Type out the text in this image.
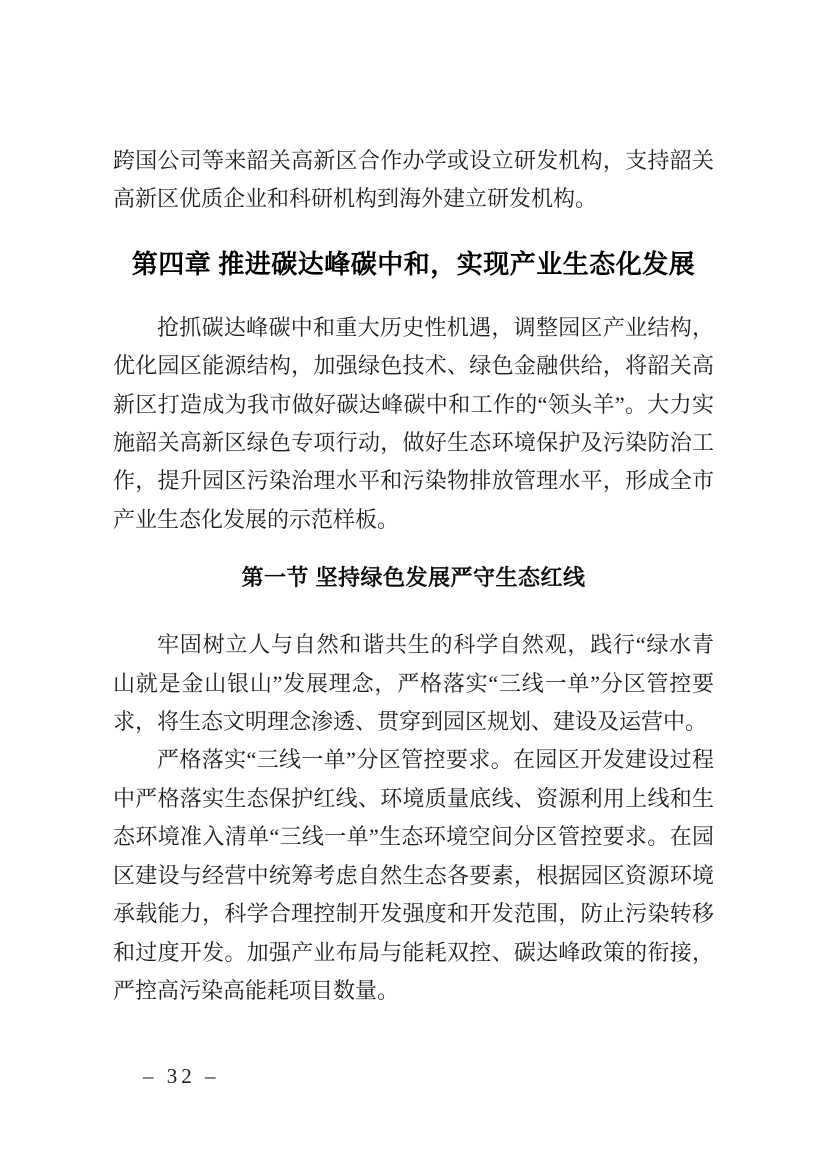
跨国公司等来韶关高新区合作办学或设立研发机构，支持韶关高新区优质企业和科研机构到海外建立研发机构。

第四章 推进碳达峰碳中和，实现产业生态化发展

抢抓碳达峰碳中和重大历史性机遇，调整园区产业结构，优化园区能源结构，加强绿色技术、绿色金融供给，将韶关高新区打造成为我市做好碳达峰碳中和工作的“领头羊”。大力实施韶关高新区绿色专项行动，做好生态环境保护及污染防治工作，提升园区污染治理水平和污染物排放管理水平，形成全市产业生态化发展的示范样板。

第一节 坚持绿色发展严守生态红线

牢固树立人与自然和谐共生的科学自然观，践行“绿水青山就是金山银山”发展理念，严格落实“三线一单”分区管控要求，将生态文明理念渗透、贯穿到园区规划、建设及运营中。

严格落实“三线一单”分区管控要求。在园区开发建设过程中严格落实生态保护红线、环境质量底线、资源利用上线和生态环境准入清单“三线一单”生态环境空间分区管控要求。在园区建设与经营中统筹考虑自然生态各要素，根据园区资源环境承载能力，科学合理控制开发强度和开发范围，防止污染转移和过度开发。加强产业布局与能耗双控、碳达峰政策的衔接，严控高污染高能耗项目数量。

– 32 –
